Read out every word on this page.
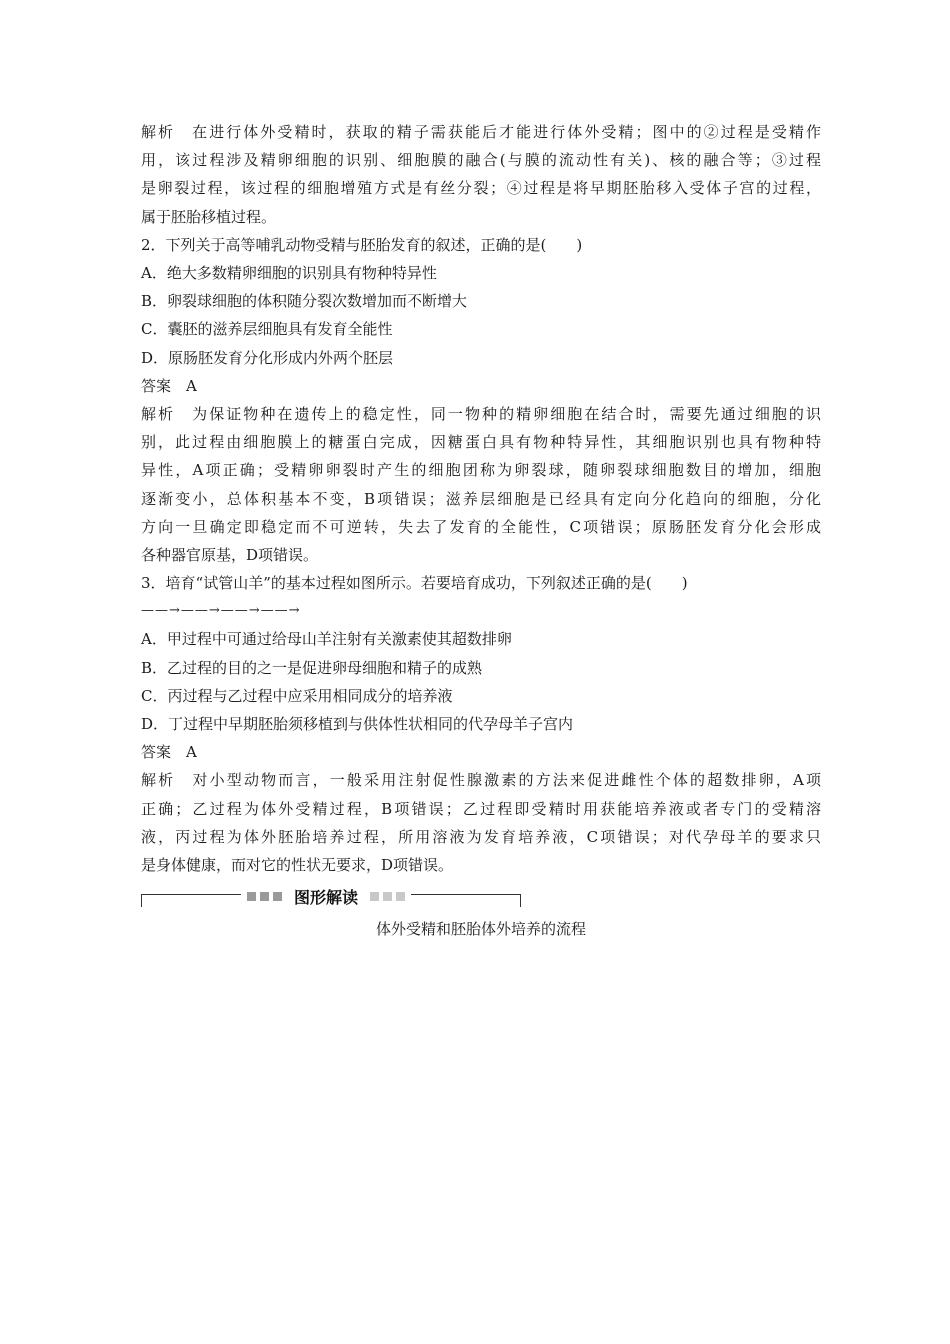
解析　在进行体外受精时，获取的精子需获能后才能进行体外受精；图中的②过程是受精作
用，该过程涉及精卵细胞的识别、细胞膜的融合(与膜的流动性有关)、核的融合等；③过程
是卵裂过程，该过程的细胞增殖方式是有丝分裂；④过程是将早期胚胎移入受体子宫的过程，
属于胚胎移植过程。
2．下列关于高等哺乳动物受精与胚胎发育的叙述，正确的是(　　)
A．绝大多数精卵细胞的识别具有物种特异性
B．卵裂球细胞的体积随分裂次数增加而不断增大
C．囊胚的滋养层细胞具有发育全能性
D．原肠胚发育分化形成内外两个胚层
答案　A
解析　为保证物种在遗传上的稳定性，同一物种的精卵细胞在结合时，需要先通过细胞的识
别，此过程由细胞膜上的糖蛋白完成，因糖蛋白具有物种特异性，其细胞识别也具有物种特
异性，A项正确；受精卵卵裂时产生的细胞团称为卵裂球，随卵裂球细胞数目的增加，细胞
逐渐变小，总体积基本不变，B项错误；滋养层细胞是已经具有定向分化趋向的细胞，分化
方向一旦确定即稳定而不可逆转，失去了发育的全能性，C项错误；原肠胚发育分化会形成
各种器官原基，D项错误。
3．培育“试管山羊”的基本过程如图所示。若要培育成功，下列叙述正确的是(　　)
——→——→——→——→
A．甲过程中可通过给母山羊注射有关激素使其超数排卵
B．乙过程的目的之一是促进卵母细胞和精子的成熟
C．丙过程与乙过程中应采用相同成分的培养液
D．丁过程中早期胚胎须移植到与供体性状相同的代孕母羊子宫内
答案　A
解析　对小型动物而言，一般采用注射促性腺激素的方法来促进雌性个体的超数排卵，A项
正确；乙过程为体外受精过程，B项错误；乙过程即受精时用获能培养液或者专门的受精溶
液，丙过程为体外胚胎培养过程，所用溶液为发育培养液，C项错误；对代孕母羊的要求只
是身体健康，而对它的性状无要求，D项错误。
图形解读
体外受精和胚胎体外培养的流程
